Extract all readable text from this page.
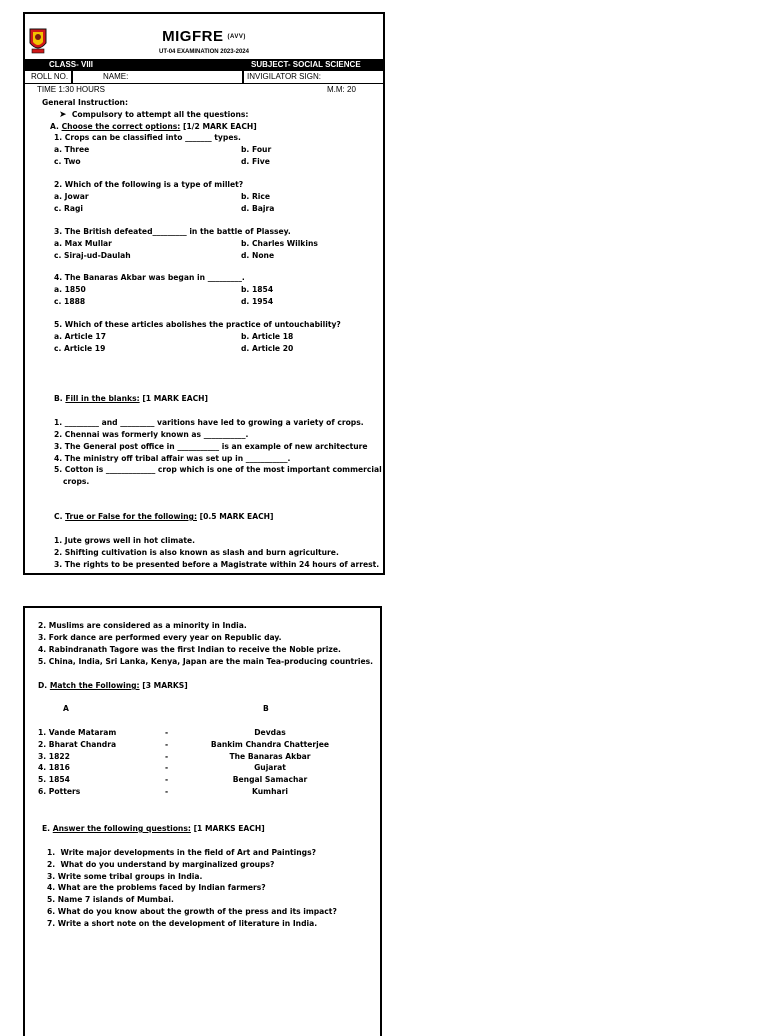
MIGFRE (AVV)
UT-04 EXAMINATION 2023-2024
CLASS- VIII	SUBJECT- SOCIAL SCIENCE
ROLL NO.	NAME:	INVIGILATOR SIGN:
TIME 1:30 HOURS	M.M: 20
General Instruction:
➤ Compulsory to attempt all the questions:
A. Choose the correct options: [1/2 MARK EACH]
B. Fill in the blanks: [1 MARK EACH]
C. True or False for the following: [0.5 MARK EACH]
1. Jute grows well in hot climate.
2. Shifting cultivation is also known as slash and burn agriculture.
3. The rights to be presented before a Magistrate within 24 hours of arrest.
1. Crops can be classified into _______ types.
a. Three	b. Four
c. Two	d. Five
2. Which of the following is a type of millet?
a. Jowar	b. Rice
c. Ragi	d. Bajra
3. The British defeated_________ in the battle of Plassey.
a. Max Mullar	b. Charles Wilkins
c. Siraj-ud-Daulah	d. None
4. The Banaras Akbar was began in _________.
a. 1850	b. 1854
c. 1888	d. 1954
5. Which of these articles abolishes the practice of untouchability?
a. Article 17	b. Article 18
c. Article 19	d. Article 20
1. _________ and _________ varitions have led to growing a variety of crops.
2. Chennai was formerly known as ___________.
3. The General post office in ___________ is an example of new architecture
4. The ministry off tribal affair was set up in ___________.
5. Cotton is _____________ crop which is one of the most important commercial
crops.
2. Muslims are considered as a minority in India.
3. Fork dance are performed every year on Republic day.
4. Rabindranath Tagore was the first Indian to receive the Noble prize.
5. China, India, Sri Lanka, Kenya, Japan are the main Tea-producing countries.
D. Match the Following: [3 MARKS]
A	B
E. Answer the following questions: [1 MARKS EACH]
1. Vande Mataram	-	Devdas
2. Bharat Chandra	-	Bankim Chandra Chatterjee
3. 1822	-	The Banaras Akbar
4. 1816	-	Gujarat
5. 1854	-	Bengal Samachar
6. Potters	-	Kumhari
1.  Write major developments in the field of Art and Paintings?
2.  What do you understand by marginalized groups?
3. Write some tribal groups in India.
4. What are the problems faced by Indian farmers?
5. Name 7 islands of Mumbai.
6. What do you know about the growth of the press and its impact?
7. Write a short note on the development of literature in India.
